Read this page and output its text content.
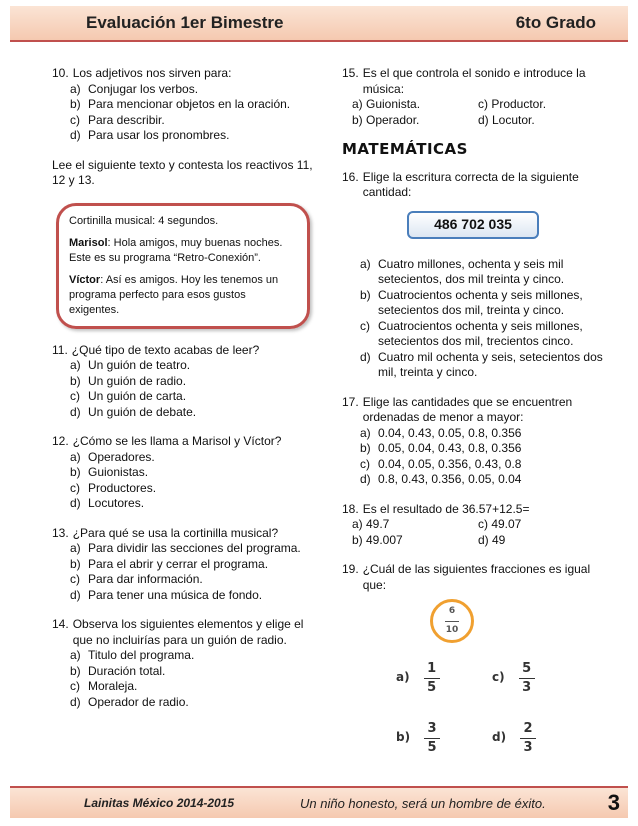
Evaluación 1er Bimestre	6to Grado
10. Los adjetivos nos sirven para:
a) Conjugar los verbos.
b) Para mencionar objetos en la oración.
c) Para describir.
d) Para usar los pronombres.
Lee el siguiente texto y contesta los reactivos 11, 12 y 13.

Cortinilla musical: 4 segundos.

Marisol: Hola amigos, muy buenas noches. Este es su programa “Retro-Conexión”.

Víctor: Así es amigos. Hoy les tenemos un programa perfecto para esos gustos exigentes.

11. ¿Qué tipo de texto acabas de leer?
a) Un guión de teatro.
b) Un guión de radio.
c) Un guión de carta.
d) Un guión de debate.
12. ¿Cómo se les llama a Marisol y Víctor?
a) Operadores.
b) Guionistas.
c) Productores.
d) Locutores.
13. ¿Para qué se usa la cortinilla musical?
a) Para dividir las secciones del programa.
b) Para el abrir y cerrar el programa.
c) Para dar información.
d) Para tener una música de fondo.
14. Observa los siguientes elementos y elige el que no incluirías para un guión de radio.
a) Titulo del programa.
b) Duración total.
c) Moraleja.
d) Operador de radio.
15. Es el que controla el sonido e introduce la música:
a) Guionista.	c) Productor.
b) Operador.	d) Locutor.
MATEMÁTICAS
16. Elige la escritura correcta de la siguiente cantidad:
486 702 035
a) Cuatro millones, ochenta y seis mil setecientos, dos mil treinta y cinco.
b) Cuatrocientos ochenta y seis millones, setecientos dos mil, treinta y cinco.
c) Cuatrocientos ochenta y seis millones, setecientos dos mil, trecientos cinco.
d) Cuatro mil ochenta y seis, setecientos dos mil, treinta y cinco.
17. Elige las cantidades que se encuentren ordenadas de menor a mayor:
a) 0.04, 0.43, 0.05, 0.8, 0.356
b) 0.05, 0.04, 0.43, 0.8, 0.356
c) 0.04, 0.05, 0.356, 0.43, 0.8
d) 0.8, 0.43, 0.356, 0.05, 0.04
18. Es el resultado de 36.57+12.5=
a) 49.7	c) 49.07
b) 49.007	d) 49
19. ¿Cuál de las siguientes fracciones es igual que:
6
10
$a) \frac{1}{5}$	$c) \frac{5}{3}$
$b) \frac{3}{5}$	$d) \frac{2}{3}$
Lainitas México 2014-2015	Un niño honesto, será un hombre de éxito.	3
